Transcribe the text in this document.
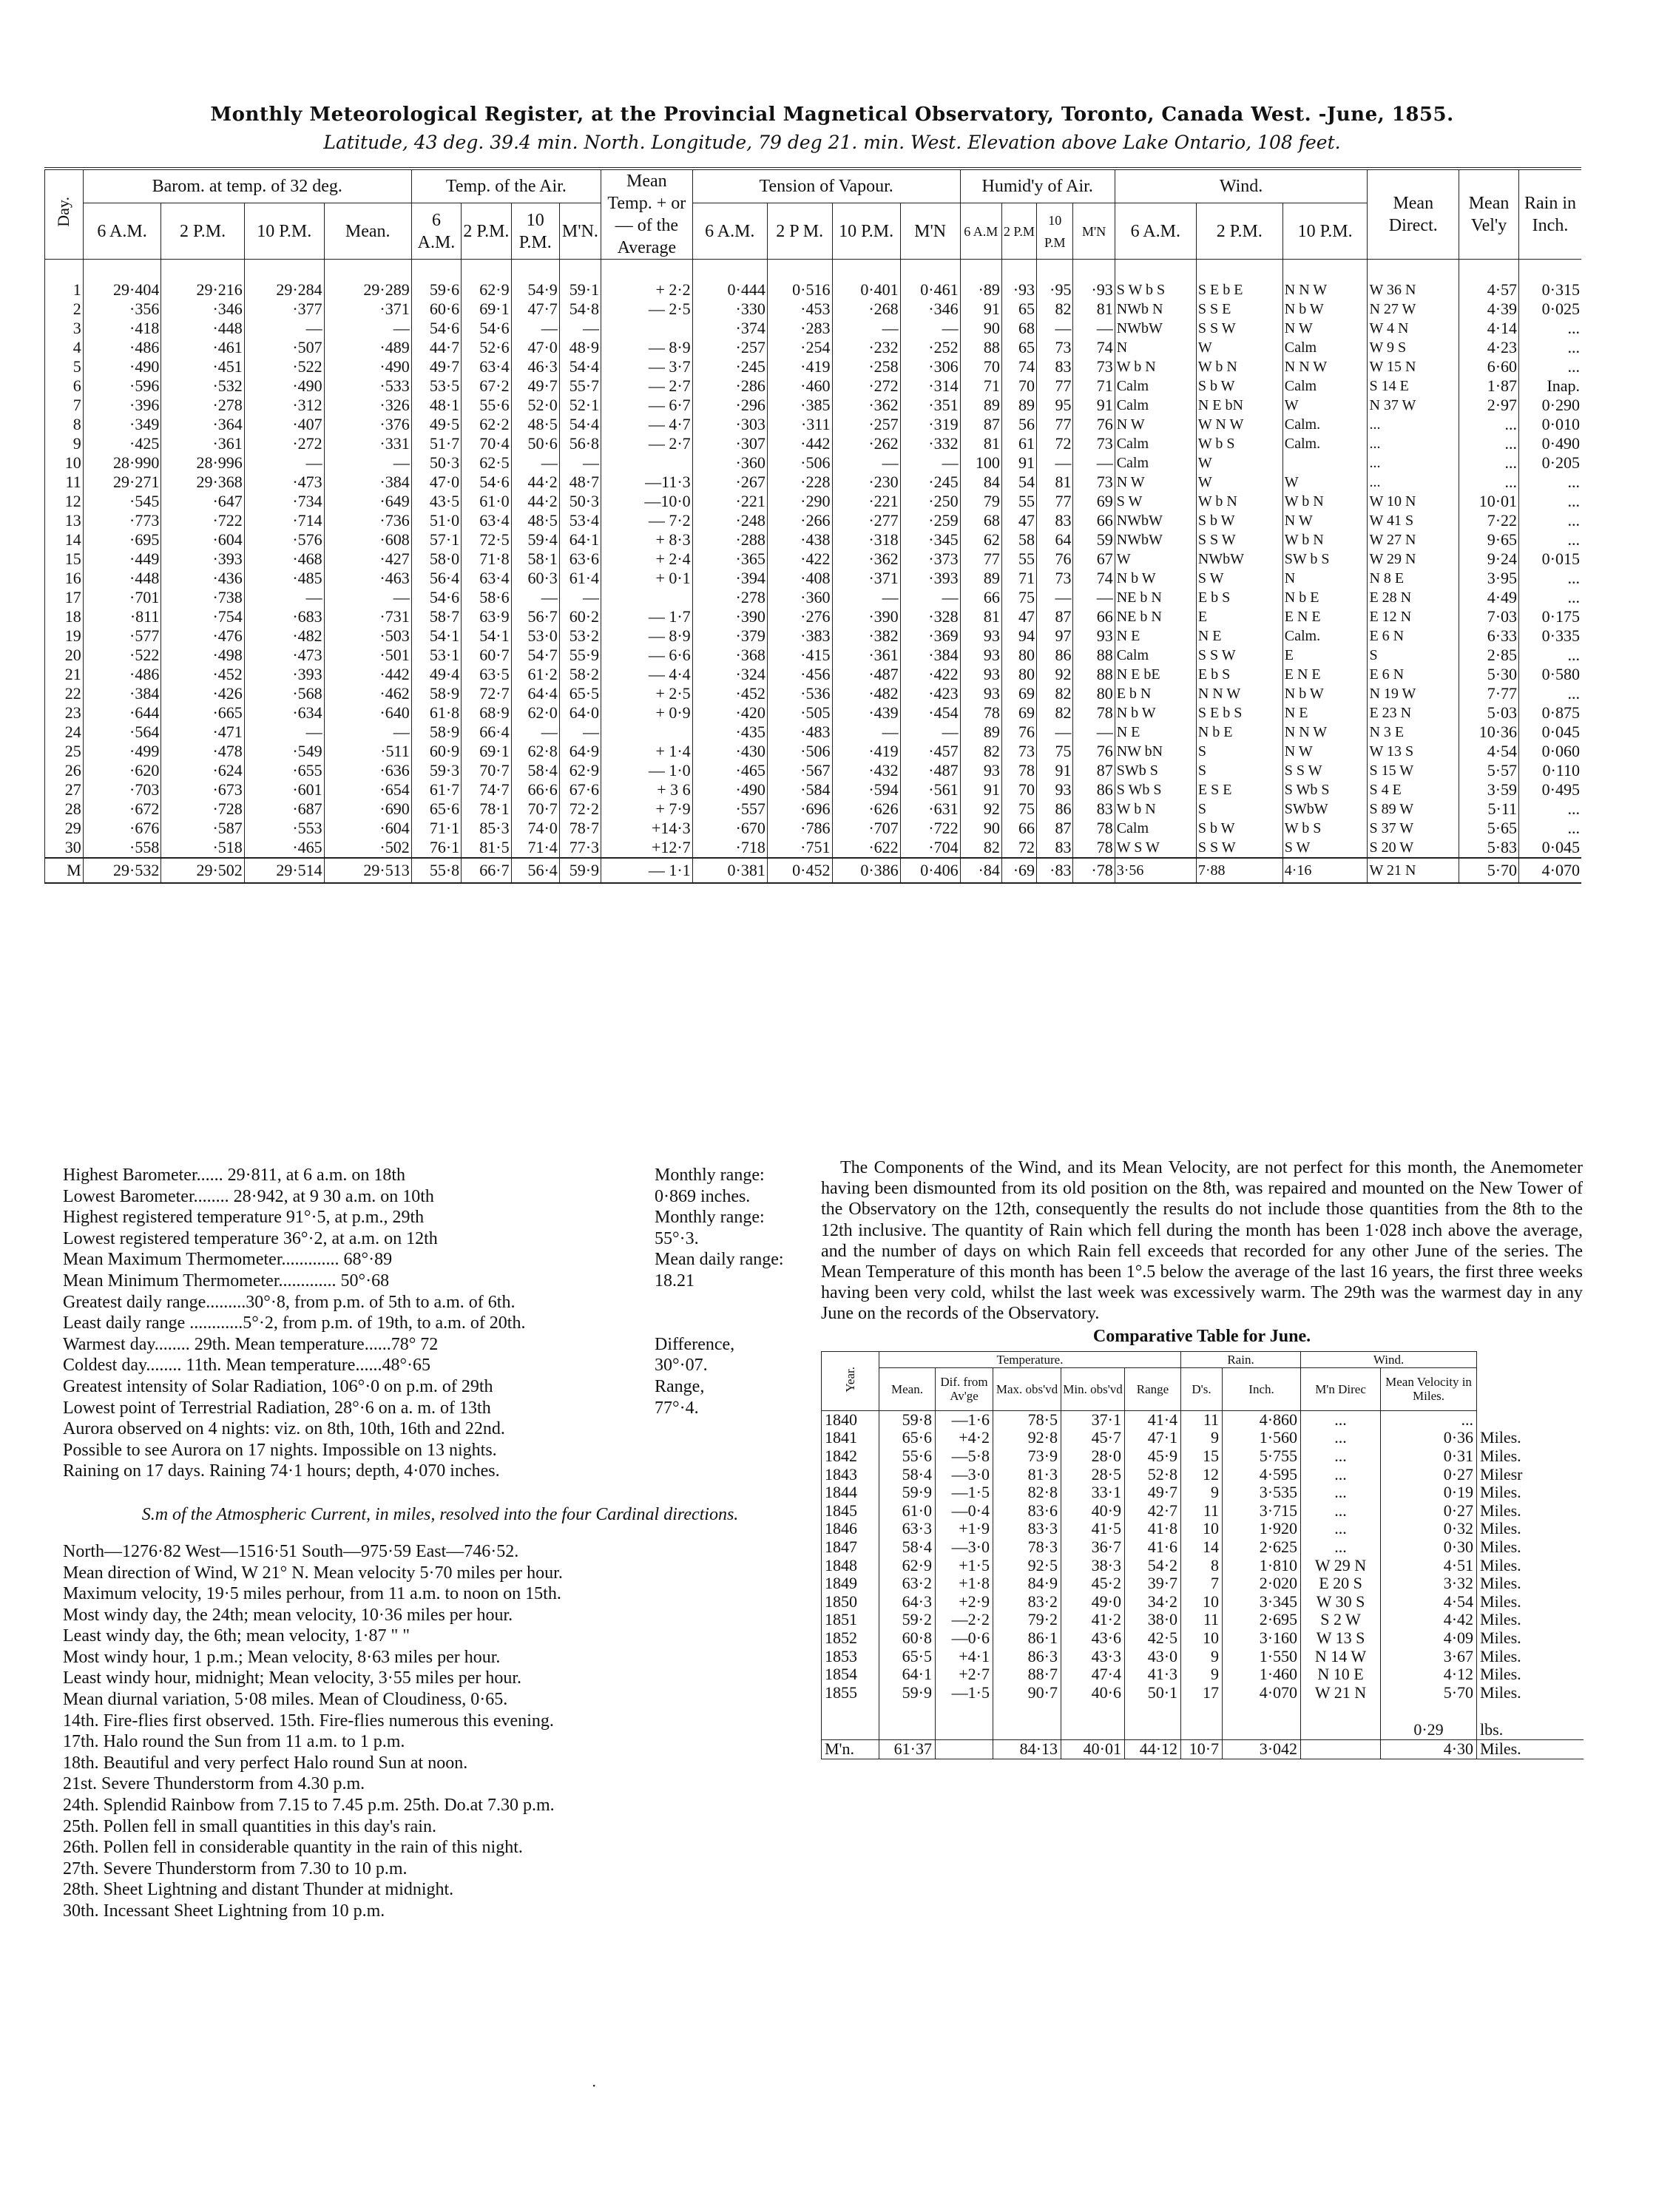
Monthly Meteorological Register, at the Provincial Magnetical Observatory, Toronto, Canada West. -June, 1855.
Latitude, 43 deg. 39.4 min. North. Longitude, 79 deg 21. min. West. Elevation above Lake Ontario, 108 feet.
Day.	Barom. at temp. of 32 deg.				Temp. of the Air.				Mean Temp. + or — of the Average	Tension of Vapour.				Humid'y of Air.				Wind.			Mean Direct.	Mean Vel'y	Rain in Inch.
	6 A.M.	2 P.M.	10 P.M.	Mean.	6 A.M.	2 P.M.	10 P.M.	M'N.		6 A.M.	2 P M.	10 P.M.	M'N	6 A.M	2 P.M	10 P.M	M'N	6 A.M.	2 P.M.	10 P.M.			
1	29·404	29·216	29·284	29·289	59·6	62·9	54·9	59·1	+ 2·2	0·444	0·516	0·401	0·461	·89	·93	·95	·93	S W b S	S E b E	N N W	W 36 N	4·57	0·315
2	·356	·346	·377	·371	60·6	69·1	47·7	54·8	— 2·5	·330	·453	·268	·346	91	65	82	81	NWb N	S S E	N b W	N 27 W	4·39	0·025
3	·418	·448	—	—	54·6	54·6	—	—		·374	·283	—	—	90	68	—	—	NWbW	S S W	N W	W 4 N	4·14	...
4	·486	·461	·507	·489	44·7	52·6	47·0	48·9	— 8·9	·257	·254	·232	·252	88	65	73	74	N	W	Calm	W 9 S	4·23	...
5	·490	·451	·522	·490	49·7	63·4	46·3	54·4	— 3·7	·245	·419	·258	·306	70	74	83	73	W b N	W b N	N N W	W 15 N	6·60	...
6	·596	·532	·490	·533	53·5	67·2	49·7	55·7	— 2·7	·286	·460	·272	·314	71	70	77	71	Calm	S b W	Calm	S 14 E	1·87	Inap.
7	·396	·278	·312	·326	48·1	55·6	52·0	52·1	— 6·7	·296	·385	·362	·351	89	89	95	91	Calm	N E bN	W	N 37 W	2·97	0·290
8	·349	·364	·407	·376	49·5	62·2	48·5	54·4	— 4·7	·303	·311	·257	·319	87	56	77	76	N W	W N W	Calm.	...	...	0·010
9	·425	·361	·272	·331	51·7	70·4	50·6	56·8	— 2·7	·307	·442	·262	·332	81	61	72	73	Calm	W b S	Calm.	...	...	0·490
10	28·990	28·996	—	—	50·3	62·5	—	—		·360	·506	—	—	100	91	—	—	Calm	W		...	...	0·205
11	29·271	29·368	·473	·384	47·0	54·6	44·2	48·7	—11·3	·267	·228	·230	·245	84	54	81	73	N W	W	W	...	...	...
12	·545	·647	·734	·649	43·5	61·0	44·2	50·3	—10·0	·221	·290	·221	·250	79	55	77	69	S W	W b N	W b N	W 10 N	10·01	...
13	·773	·722	·714	·736	51·0	63·4	48·5	53·4	— 7·2	·248	·266	·277	·259	68	47	83	66	NWbW	S b W	N W	W 41 S	7·22	...
14	·695	·604	·576	·608	57·1	72·5	59·4	64·1	+ 8·3	·288	·438	·318	·345	62	58	64	59	NWbW	S S W	W b N	W 27 N	9·65	...
15	·449	·393	·468	·427	58·0	71·8	58·1	63·6	+ 2·4	·365	·422	·362	·373	77	55	76	67	W	NWbW	SW b S	W 29 N	9·24	0·015
16	·448	·436	·485	·463	56·4	63·4	60·3	61·4	+ 0·1	·394	·408	·371	·393	89	71	73	74	N b W	S W	N	N 8 E	3·95	...
17	·701	·738	—	—	54·6	58·6	—	—		·278	·360	—	—	66	75	—	—	NE b N	E b S	N b E	E 28 N	4·49	...
18	·811	·754	·683	·731	58·7	63·9	56·7	60·2	— 1·7	·390	·276	·390	·328	81	47	87	66	NE b N	E	E N E	E 12 N	7·03	0·175
19	·577	·476	·482	·503	54·1	54·1	53·0	53·2	— 8·9	·379	·383	·382	·369	93	94	97	93	N E	N E	Calm.	E 6 N	6·33	0·335
20	·522	·498	·473	·501	53·1	60·7	54·7	55·9	— 6·6	·368	·415	·361	·384	93	80	86	88	Calm	S S W	E	S	2·85	...
21	·486	·452	·393	·442	49·4	63·5	61·2	58·2	— 4·4	·324	·456	·487	·422	93	80	92	88	N E bE	E b S	E N E	E 6 N	5·30	0·580
22	·384	·426	·568	·462	58·9	72·7	64·4	65·5	+ 2·5	·452	·536	·482	·423	93	69	82	80	E b N	N N W	N b W	N 19 W	7·77	...
23	·644	·665	·634	·640	61·8	68·9	62·0	64·0	+ 0·9	·420	·505	·439	·454	78	69	82	78	N b W	S E b S	N E	E 23 N	5·03	0·875
24	·564	·471	—	—	58·9	66·4	—	—		·435	·483	—	—	89	76	—	—	N E	N b E	N N W	N 3 E	10·36	0·045
25	·499	·478	·549	·511	60·9	69·1	62·8	64·9	+ 1·4	·430	·506	·419	·457	82	73	75	76	NW bN	S	N W	W 13 S	4·54	0·060
26	·620	·624	·655	·636	59·3	70·7	58·4	62·9	— 1·0	·465	·567	·432	·487	93	78	91	87	SWb S	S	S S W	S 15 W	5·57	0·110
27	·703	·673	·601	·654	61·7	74·7	66·6	67·6	+ 3 6	·490	·584	·594	·561	91	70	93	86	S Wb S	E S E	S Wb S	S 4 E	3·59	0·495
28	·672	·728	·687	·690	65·6	78·1	70·7	72·2	+ 7·9	·557	·696	·626	·631	92	75	86	83	W b N	S	SWbW	S 89 W	5·11	...
29	·676	·587	·553	·604	71·1	85·3	74·0	78·7	+14·3	·670	·786	·707	·722	90	66	87	78	Calm	S b W	W b S	S 37 W	5·65	...
30	·558	·518	·465	·502	76·1	81·5	71·4	77·3	+12·7	·718	·751	·622	·704	82	72	83	78	W S W	S S W	S W	S 20 W	5·83	0·045
M	29·532	29·502	29·514	29·513	55·8	66·7	56·4	59·9	— 1·1	0·381	0·452	0·386	0·406	·84	·69	·83	·78	3·56	7·88	4·16	W 21 N	5·70	4·070
Highest Barometer...... 29·811, at 6 a.m. on 18th	Monthly range:
Lowest Barometer........ 28·942, at 9 30 a.m. on 10th	0·869 inches.
Highest registered temperature 91°·5, at p.m., 29th	Monthly range:
Lowest registered temperature 36°·2, at a.m. on 12th	55°·3.
Mean Maximum Thermometer............. 68°·89	Mean daily range:
Mean Minimum Thermometer............. 50°·68	18.21
Greatest daily range.........30°·8, from p.m. of 5th to a.m. of 6th.
Least daily range ............5°·2, from p.m. of 19th, to a.m. of 20th.
Warmest day........ 29th. Mean temperature......78° 72	Difference,
Coldest day........ 11th. Mean temperature......48°·65	30°·07.
Greatest intensity of Solar Radiation, 106°·0 on p.m. of 29th	Range,
Lowest point of Terrestrial Radiation, 28°·6 on a. m. of 13th	77°·4.
Aurora observed on 4 nights: viz. on 8th, 10th, 16th and 22nd.
Possible to see Aurora on 17 nights. Impossible on 13 nights.
Raining on 17 days. Raining 74·1 hours; depth, 4·070 inches.
S.m of the Atmospheric Current, in miles, resolved into the four Cardinal directions.
North—1276·82 West—1516·51 South—975·59 East—746·52.
Mean direction of Wind, W 21° N. Mean velocity 5·70 miles per hour.
Maximum velocity, 19·5 miles perhour, from 11 a.m. to noon on 15th.
Most windy day, the 24th; mean velocity, 10·36 miles per hour.
Least windy day, the 6th; mean velocity, 1·87 " "
Most windy hour, 1 p.m.; Mean velocity, 8·63 miles per hour.
Least windy hour, midnight; Mean velocity, 3·55 miles per hour.
Mean diurnal variation, 5·08 miles. Mean of Cloudiness, 0·65.
14th. Fire-flies first observed. 15th. Fire-flies numerous this evening.
17th. Halo round the Sun from 11 a.m. to 1 p.m.
18th. Beautiful and very perfect Halo round Sun at noon.
21st. Severe Thunderstorm from 4.30 p.m.
24th. Splendid Rainbow from 7.15 to 7.45 p.m. 25th. Do.at 7.30 p.m.
25th. Pollen fell in small quantities in this day's rain.
26th. Pollen fell in considerable quantity in the rain of this night.
27th. Severe Thunderstorm from 7.30 to 10 p.m.
28th. Sheet Lightning and distant Thunder at midnight.
30th. Incessant Sheet Lightning from 10 p.m.

The Components of the Wind, and its Mean Velocity, are not perfect for this month, the Anemometer having been dismounted from its old position on the 8th, was repaired and mounted on the New Tower of the Observatory on the 12th, consequently the results do not include those quantities from the 8th to the 12th inclusive. The quantity of Rain which fell during the month has been 1·028 inch above the average, and the number of days on which Rain fell exceeds that recorded for any other June of the series. The Mean Temperature of this month has been 1°.5 below the average of the last 16 years, the first three weeks having been very cold, whilst the last week was excessively warm. The 29th was the warmest day in any June on the records of the Observatory.

Comparative Table for June.
Year.	Temperature.					Rain.		Wind.		
	Mean.	Dif. from Av'ge	Max. obs'vd	Min. obs'vd	Range	D's.	Inch.	M'n Direc	Mean Velocity in Miles.	
1840	59·8	—1·6	78·5	37·1	41·4	11	4·860	...	...	
1841	65·6	+4·2	92·8	45·7	47·1	9	1·560	...	0·36	Miles.
1842	55·6	—5·8	73·9	28·0	45·9	15	5·755	...	0·31	Miles.
1843	58·4	—3·0	81·3	28·5	52·8	12	4·595	...	0·27	Milesr
1844	59·9	—1·5	82·8	33·1	49·7	9	3·535	...	0·19	Miles.
1845	61·0	—0·4	83·6	40·9	42·7	11	3·715	...	0·27	Miles.
1846	63·3	+1·9	83·3	41·5	41·8	10	1·920	...	0·32	Miles.
1847	58·4	—3·0	78·3	36·7	41·6	14	2·625	...	0·30	Miles.
1848	62·9	+1·5	92·5	38·3	54·2	8	1·810	W 29 N	4·51	Miles.
1849	63·2	+1·8	84·9	45·2	39·7	7	2·020	E 20 S	3·32	Miles.
1850	64·3	+2·9	83·2	49·0	34·2	10	3·345	W 30 S	4·54	Miles.
1851	59·2	—2·2	79·2	41·2	38·0	11	2·695	S 2 W	4·42	Miles.
1852	60·8	—0·6	86·1	43·6	42·5	10	3·160	W 13 S	4·09	Miles.
1853	65·5	+4·1	86·3	43·3	43·0	9	1·550	N 14 W	3·67	Miles.
1854	64·1	+2·7	88·7	47·4	41·3	9	1·460	N 10 E	4·12	Miles.
1855	59·9	—1·5	90·7	40·6	50·1	17	4·070	W 21 N	5·70	Miles.
									0·29	lbs.
M'n.	61·37		84·13	40·01	44·12	10·7	3·042		4·30	Miles.
·
